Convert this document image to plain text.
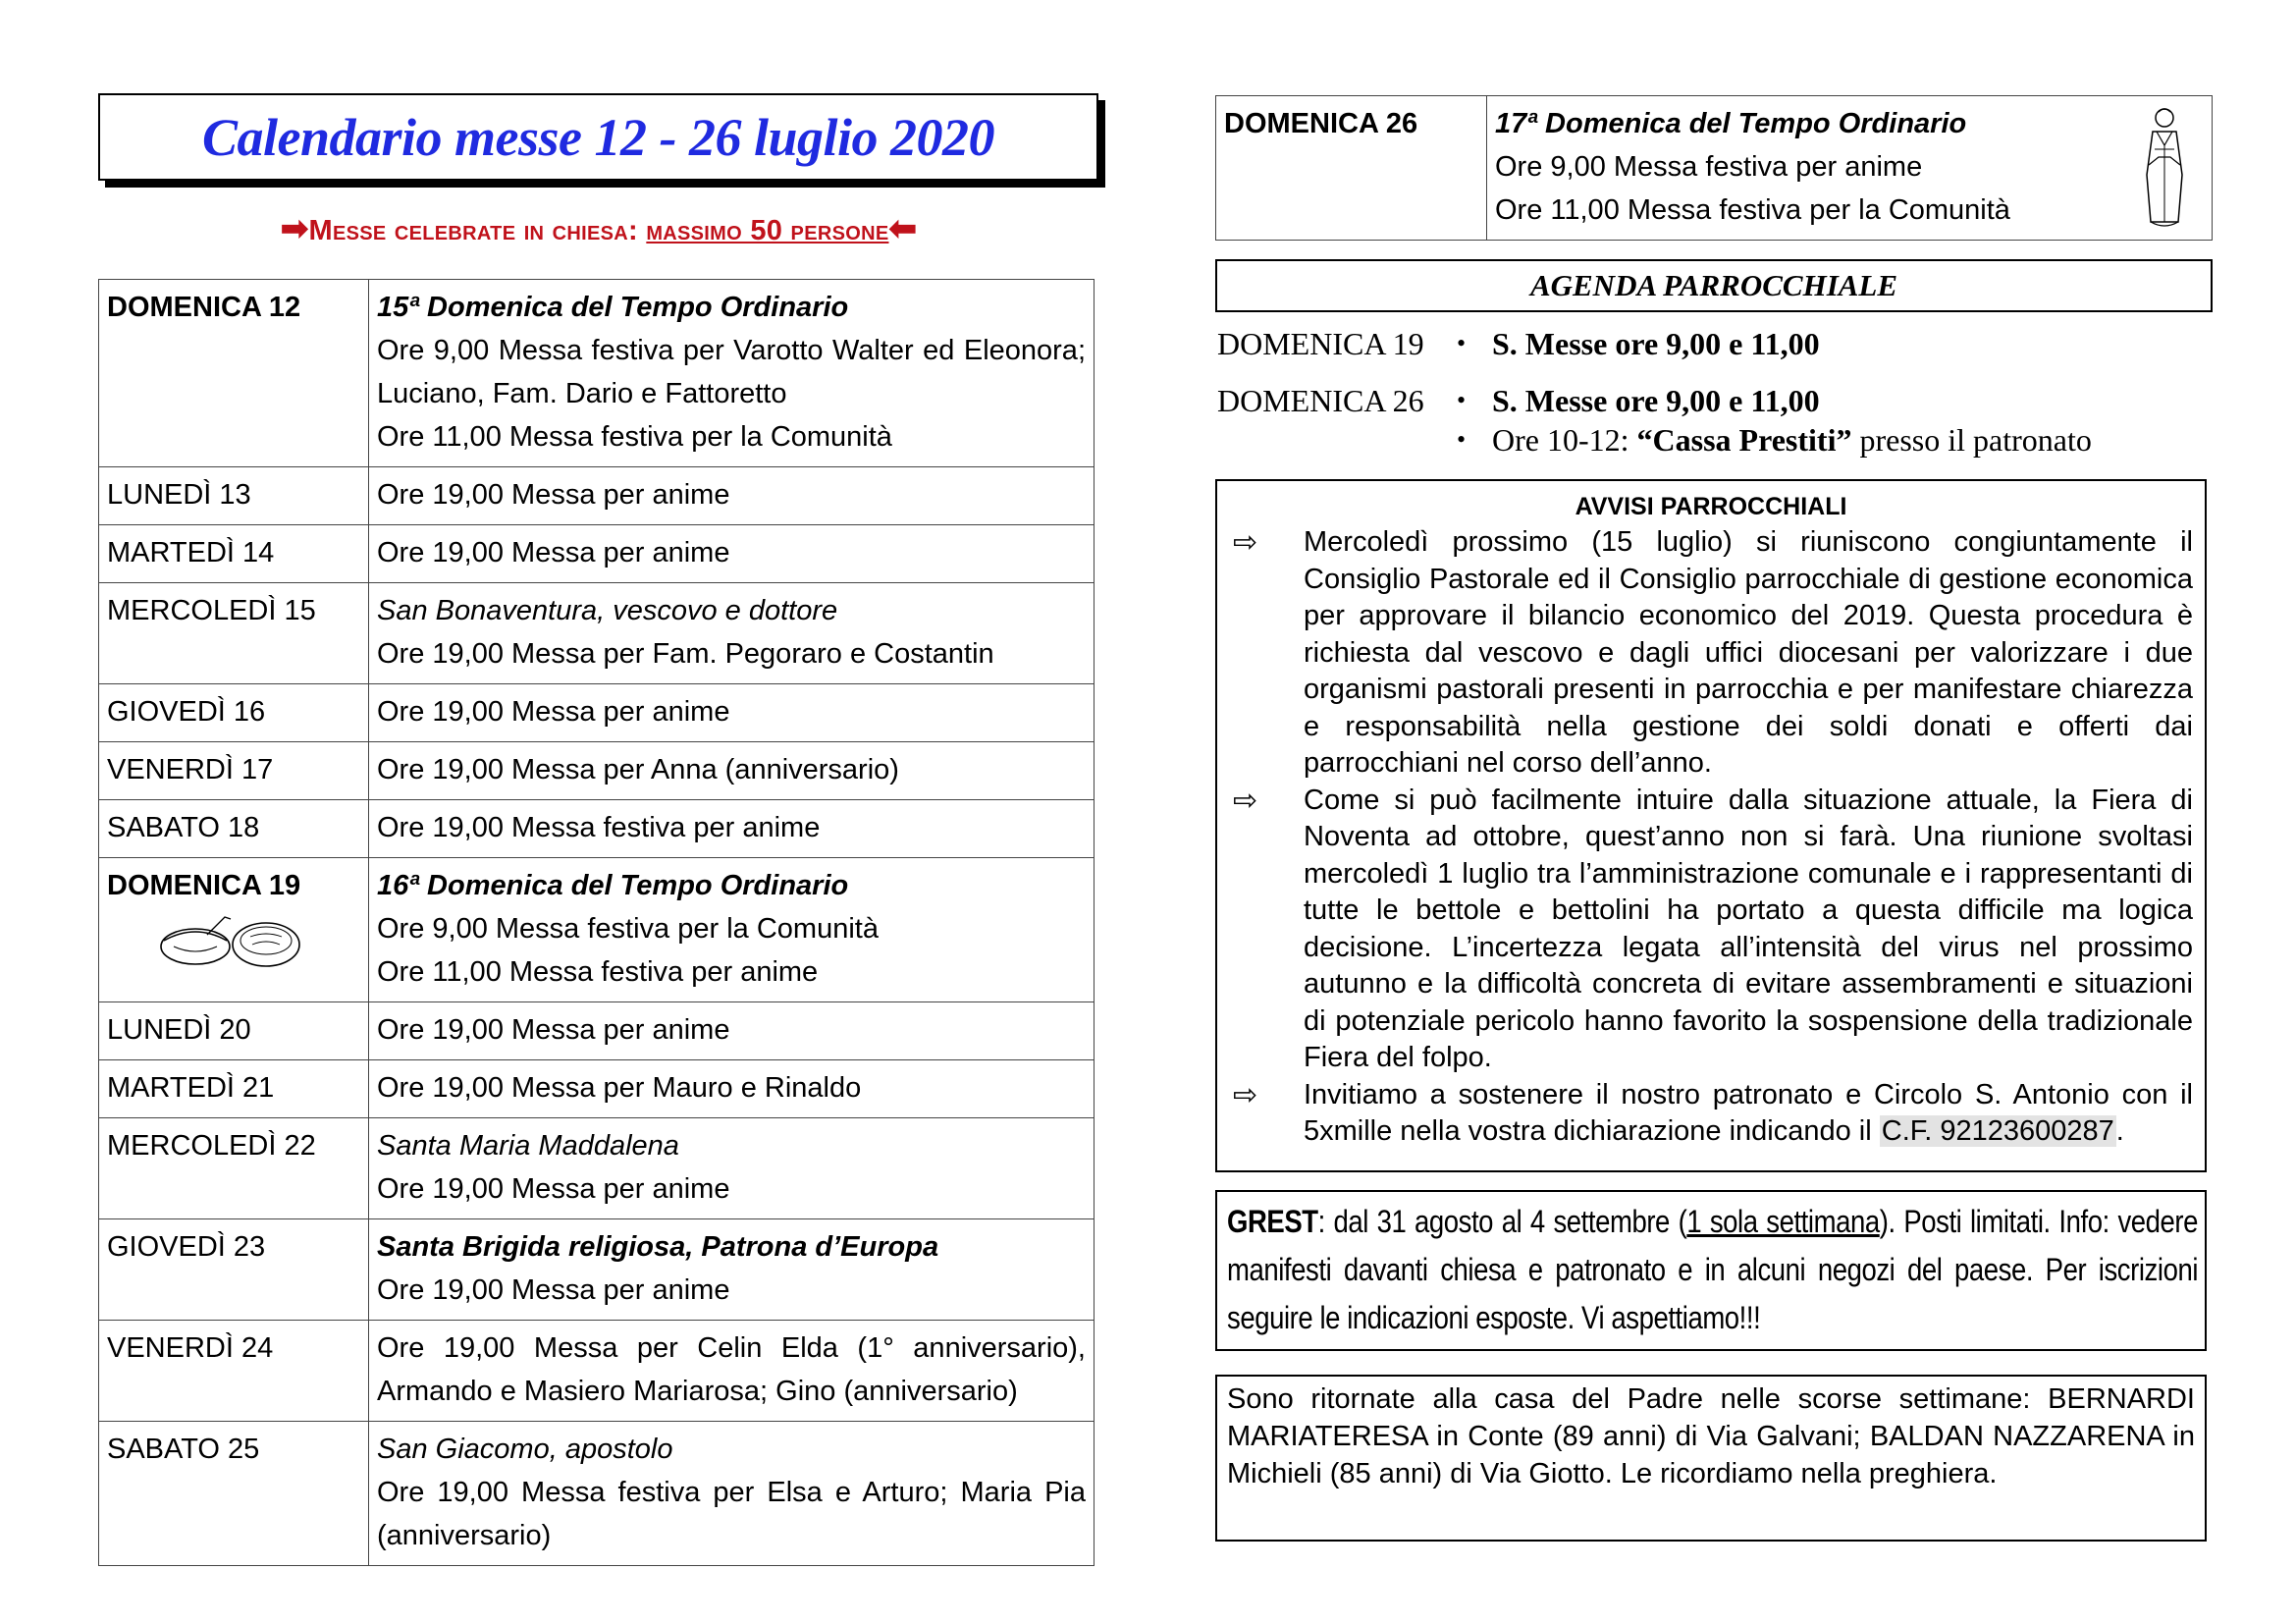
Calendario messe 12 - 26 luglio 2020
➡Messe celebrate in chiesa: massimo 50 persone⬅
DOMENICA 12	15ª Domenica del Tempo Ordinario
Ore 9,00 Messa festiva per Varotto Walter ed Eleonora; Luciano, Fam. Dario e Fattoretto
Ore 11,00 Messa festiva per la Comunità

LUNEDÌ 13	Ore 19,00 Messa per anime

MARTEDÌ 14	Ore 19,00 Messa per anime

MERCOLEDÌ 15	San Bonaventura, vescovo e dottore
Ore 19,00 Messa per Fam. Pegoraro e Costantin

GIOVEDÌ 16	Ore 19,00 Messa per anime

VENERDÌ 17	Ore 19,00 Messa per Anna (anniversario)

SABATO 18	Ore 19,00 Messa festiva per anime

DOMENICA 19	16ª Domenica del Tempo Ordinario
Ore 9,00 Messa festiva per la Comunità
Ore 11,00 Messa festiva per anime

LUNEDÌ 20	Ore 19,00 Messa per anime

MARTEDÌ 21	Ore 19,00 Messa per Mauro e Rinaldo

MERCOLEDÌ 22	Santa Maria Maddalena
Ore 19,00 Messa per anime

GIOVEDÌ 23	Santa Brigida religiosa, Patrona d’Europa
Ore 19,00 Messa per anime

VENERDÌ 24	Ore 19,00 Messa per Celin Elda (1° anniversario), Armando e Masiero Mariarosa; Gino (anniversario)

SABATO 25	San Giacomo, apostolo
Ore 19,00 Messa festiva per Elsa e Arturo; Maria Pia (anniversario)
DOMENICA 26	17ª Domenica del Tempo Ordinario
Ore 9,00 Messa festiva per anime
Ore 11,00 Messa festiva per la Comunità
AGENDA PARROCCHIALE
DOMENICA 19	• S. Messe ore 9,00 e 11,00
DOMENICA 26	• S. Messe ore 9,00 e 11,00
• Ore 10-12: “Cassa Prestiti” presso il patronato
AVVISI PARROCCHIALI
⇨	Mercoledì prossimo (15 luglio) si riuniscono congiuntamente il Consiglio Pastorale ed il Consiglio parrocchiale di gestione economica per approvare il bilancio economico del 2019. Questa procedura è richiesta dal vescovo e dagli uffici diocesani per valorizzare i due organismi pastorali presenti in parrocchia e per manifestare chiarezza e responsabilità nella gestione dei soldi donati e offerti dai parrocchiani nel corso dell’anno.
⇨	Come si può facilmente intuire dalla situazione attuale, la Fiera di Noventa ad ottobre, quest’anno non si farà. Una riunione svoltasi mercoledì 1 luglio tra l’amministrazione comunale e i rappresentanti di tutte le bettole e bettolini ha portato a questa difficile ma logica decisione. L’incertezza legata all’intensità del virus nel prossimo autunno e la difficoltà concreta di evitare assembramenti e situazioni di potenziale pericolo hanno favorito la sospensione della tradizionale Fiera del folpo.
⇨	Invitiamo a sostenere il nostro patronato e Circolo S. Antonio con il 5xmille nella vostra dichiarazione indicando il C.F. 92123600287.
GREST: dal 31 agosto al 4 settembre (1 sola settimana). Posti limitati. Info: vedere manifesti davanti chiesa e patronato e in alcuni negozi del paese. Per iscrizioni seguire le indicazioni esposte. Vi aspettiamo!!!
Sono ritornate alla casa del Padre nelle scorse settimane: BERNARDI MARIATERESA in Conte (89 anni) di Via Galvani; BALDAN NAZZARENA in Michieli (85 anni) di Via Giotto. Le ricordiamo nella preghiera.
